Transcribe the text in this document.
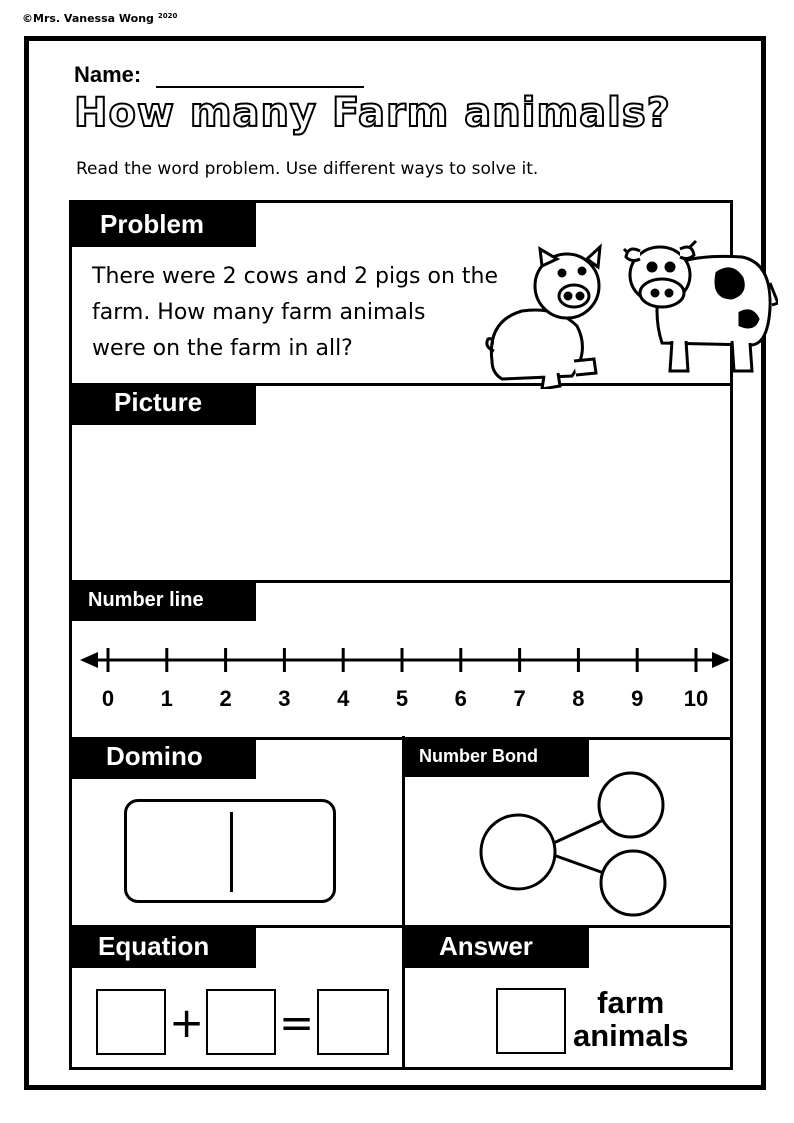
©Mrs. Vanessa Wong $^{2020}$
Name:
How many Farm animals?
Read the word problem. Use different ways to solve it.
Problem
There were 2 cows and 2 pigs on the
farm. How many farm animals
were on the farm in all?
Picture
Number line
0 1 2 3 4 5 6 7 8 9 10
Domino	Number Bond
Equation
+ =
Answer
farm
animals
